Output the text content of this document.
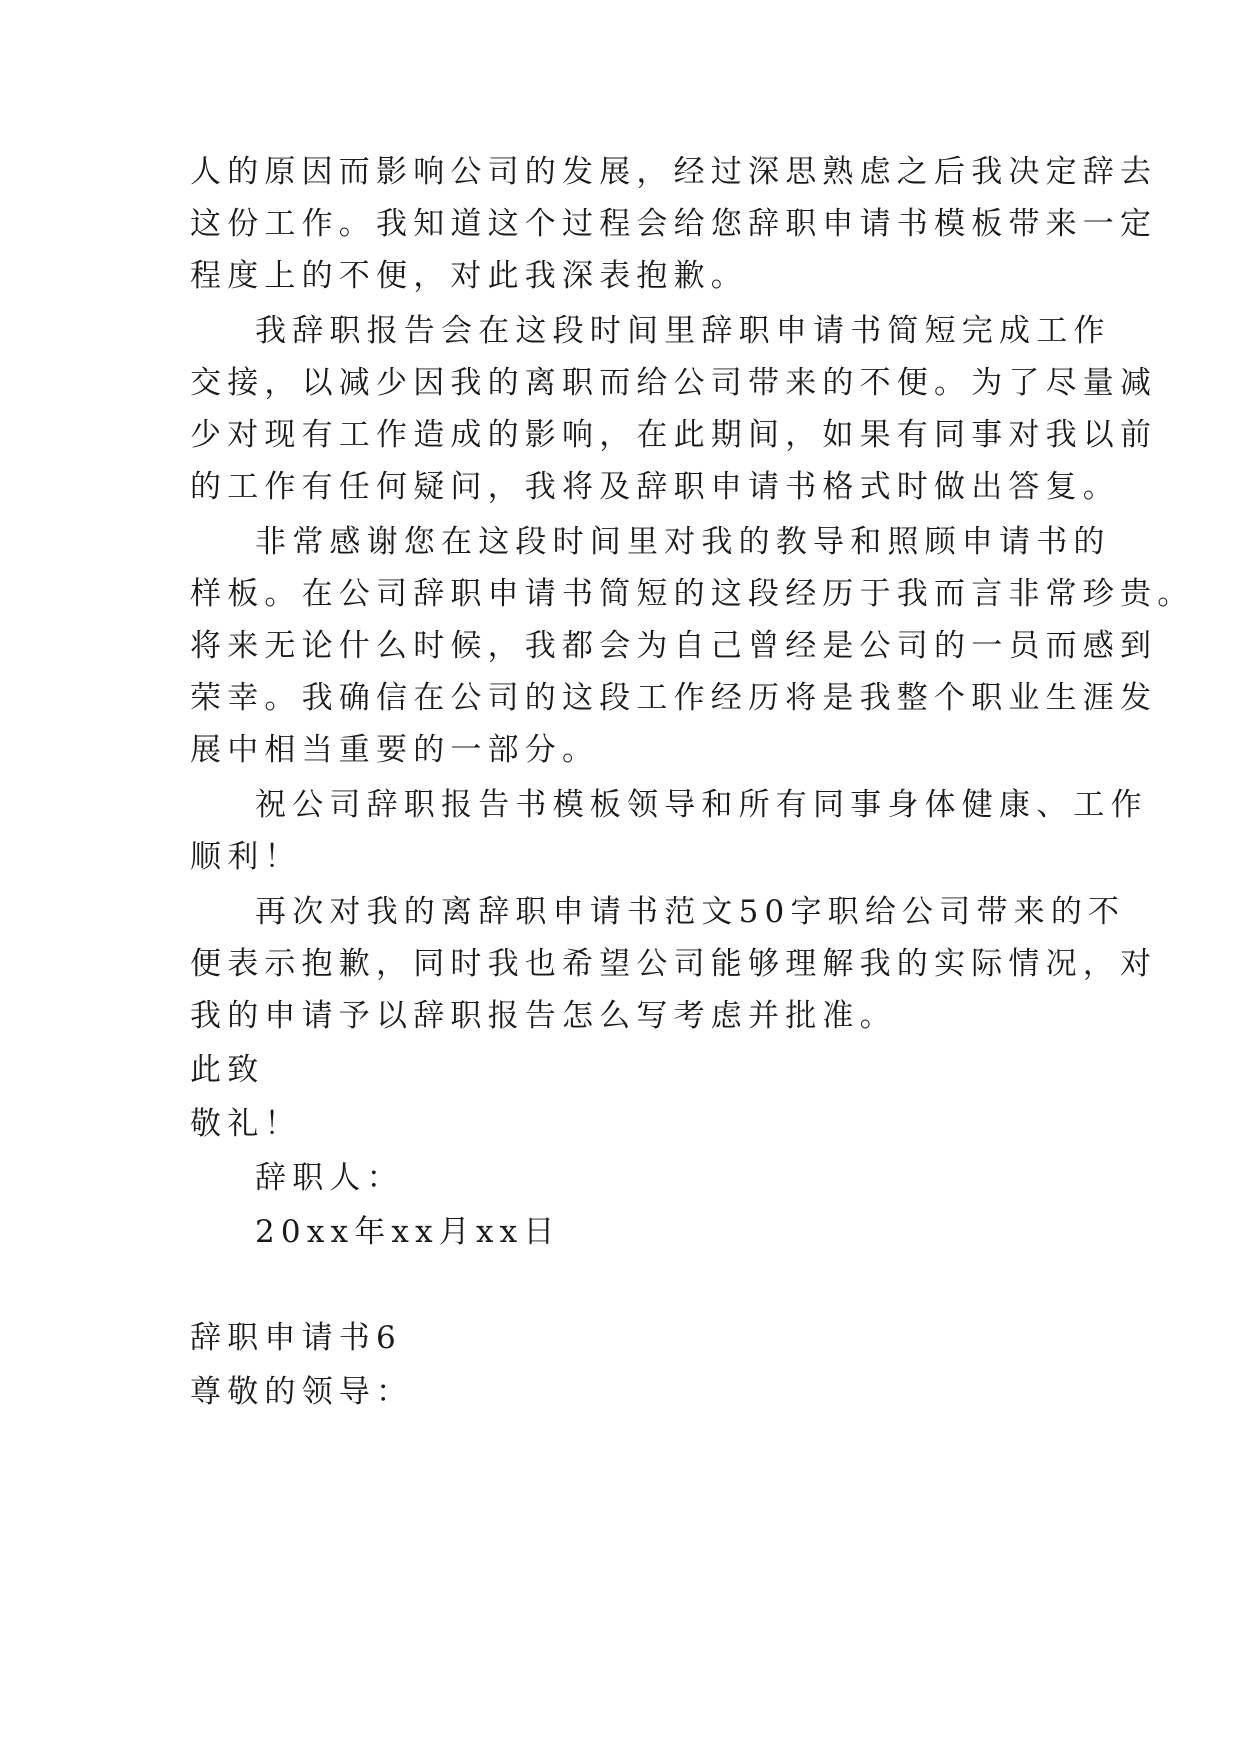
人的原因而影响公司的发展，经过深思熟虑之后我决定辞去
这份工作。我知道这个过程会给您辞职申请书模板带来一定
程度上的不便，对此我深表抱歉。
我辞职报告会在这段时间里辞职申请书简短完成工作
交接，以减少因我的离职而给公司带来的不便。为了尽量减
少对现有工作造成的影响，在此期间，如果有同事对我以前
的工作有任何疑问，我将及辞职申请书格式时做出答复。
非常感谢您在这段时间里对我的教导和照顾申请书的
样板。在公司辞职申请书简短的这段经历于我而言非常珍贵。
将来无论什么时候，我都会为自己曾经是公司的一员而感到
荣幸。我确信在公司的这段工作经历将是我整个职业生涯发
展中相当重要的一部分。
祝公司辞职报告书模板领导和所有同事身体健康、工作
顺利！
再次对我的离辞职申请书范文50字职给公司带来的不
便表示抱歉，同时我也希望公司能够理解我的实际情况，对
我的申请予以辞职报告怎么写考虑并批准。
此致
敬礼！
辞职人：
20xx年xx月xx日
辞职申请书6
尊敬的领导：
